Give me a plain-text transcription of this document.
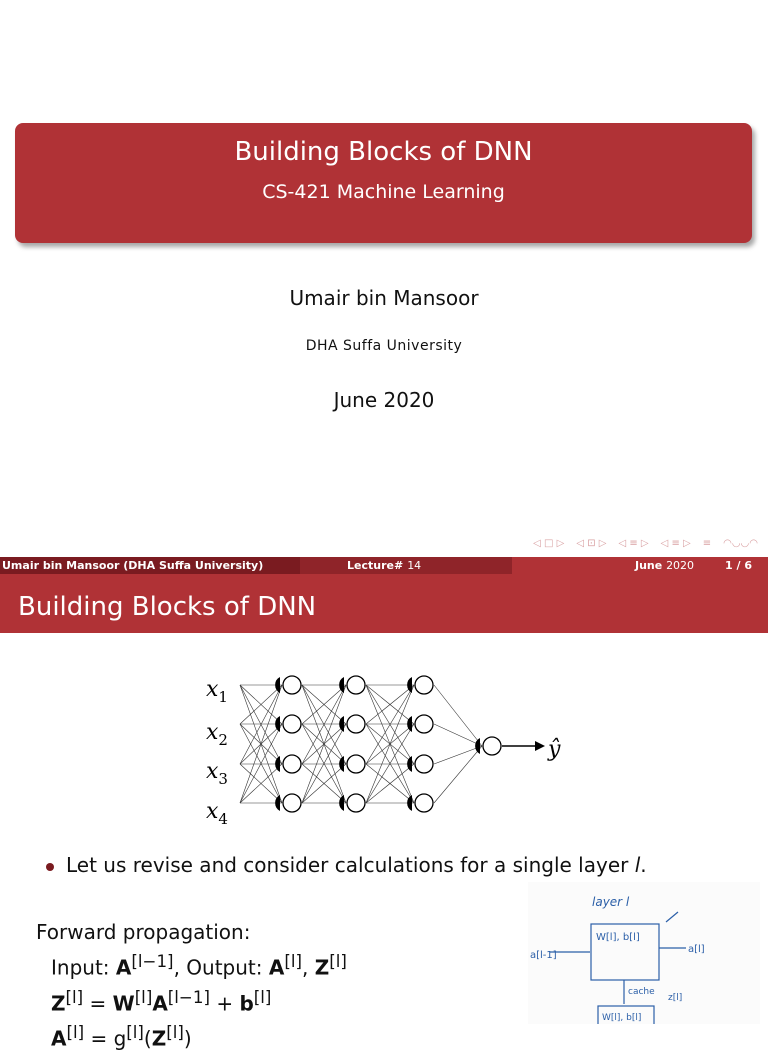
Building Blocks of DNN
CS-421 Machine Learning
Umair bin Mansoor
DHA Suffa University
June 2020
◁ □ ▷ ◁ ⊡ ▷ ◁ ≡ ▷ ◁ ≡ ▷ ≡ ◠◡◡◠
Umair bin Mansoor (DHA Suffa University)	Lecture# 14	June 2020	1 / 6
Building Blocks of DNN
$x_1$
$x_2$
$x_3$
$x_4$
ŷ
Let us revise and consider calculations for a single layer l.
Forward propagation:
Input: A[l−1], Output: A[l], Z[l]
Z[l] = W[l]A[l−1] + b[l]
A[l] = g[l](Z[l])
layer l
W[l], b[l]
a[l-1]
a[l]
cache
z[l]
W[l], b[l]
